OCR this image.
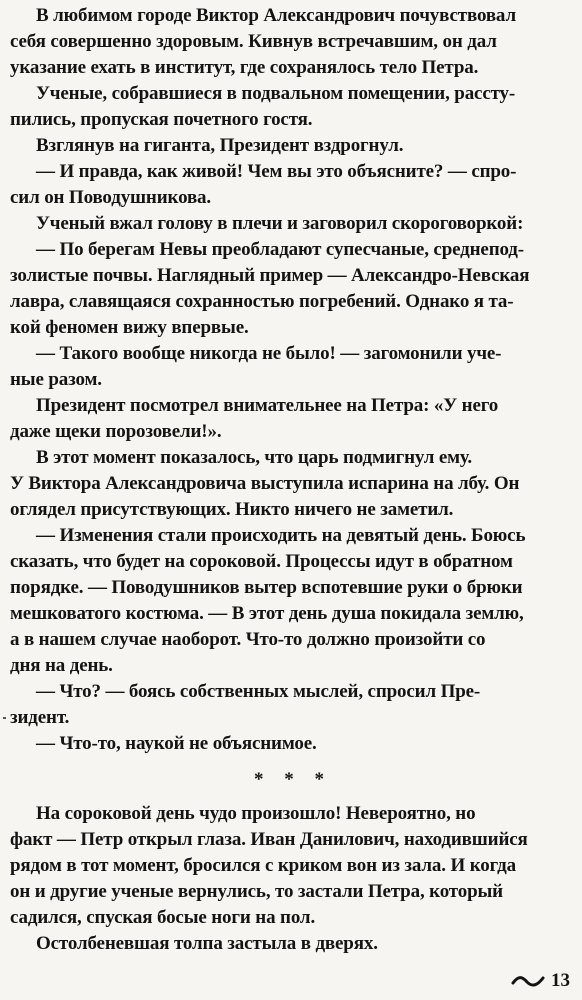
В любимом городе Виктор Александрович почувствовал
себя совершенно здоровым. Кивнув встречавшим, он дал
указание ехать в институт, где сохранялось тело Петра.
Ученые, собравшиеся в подвальном помещении, рассту-
пились, пропуская почетного гостя.
Взглянув на гиганта, Президент вздрогнул.
— И правда, как живой! Чем вы это объясните? — спро-
сил он Поводушникова.
Ученый вжал голову в плечи и заговорил скороговоркой:
— По берегам Невы преобладают супесчаные, среднепод-
золистые почвы. Наглядный пример — Александро-Невская
лавра, славящаяся сохранностью погребений. Однако я та-
кой феномен вижу впервые.
— Такого вообще никогда не было! — загомонили уче-
ные разом.
Президент посмотрел внимательнее на Петра: «У него
даже щеки порозовели!».
В этот момент показалось, что царь подмигнул ему.
У Виктора Александровича выступила испарина на лбу. Он
оглядел присутствующих. Никто ничего не заметил.
— Изменения стали происходить на девятый день. Боюсь
сказать, что будет на сороковой. Процессы идут в обратном
порядке. — Поводушников вытер вспотевшие руки о брюки
мешковатого костюма. — В этот день душа покидала землю,
а в нашем случае наоборот. Что-то должно произойти со
дня на день.
— Что? — боясь собственных мыслей, спросил Пре-
зидент.
— Что-то, наукой не объяснимое.
* * *
На сороковой день чудо произошло! Невероятно, но
факт — Петр открыл глаза. Иван Данилович, находившийся
рядом в тот момент, бросился с криком вон из зала. И когда
он и другие ученые вернулись, то застали Петра, который
садился, спуская босые ноги на пол.
Остолбеневшая толпа застыла в дверях.
13
